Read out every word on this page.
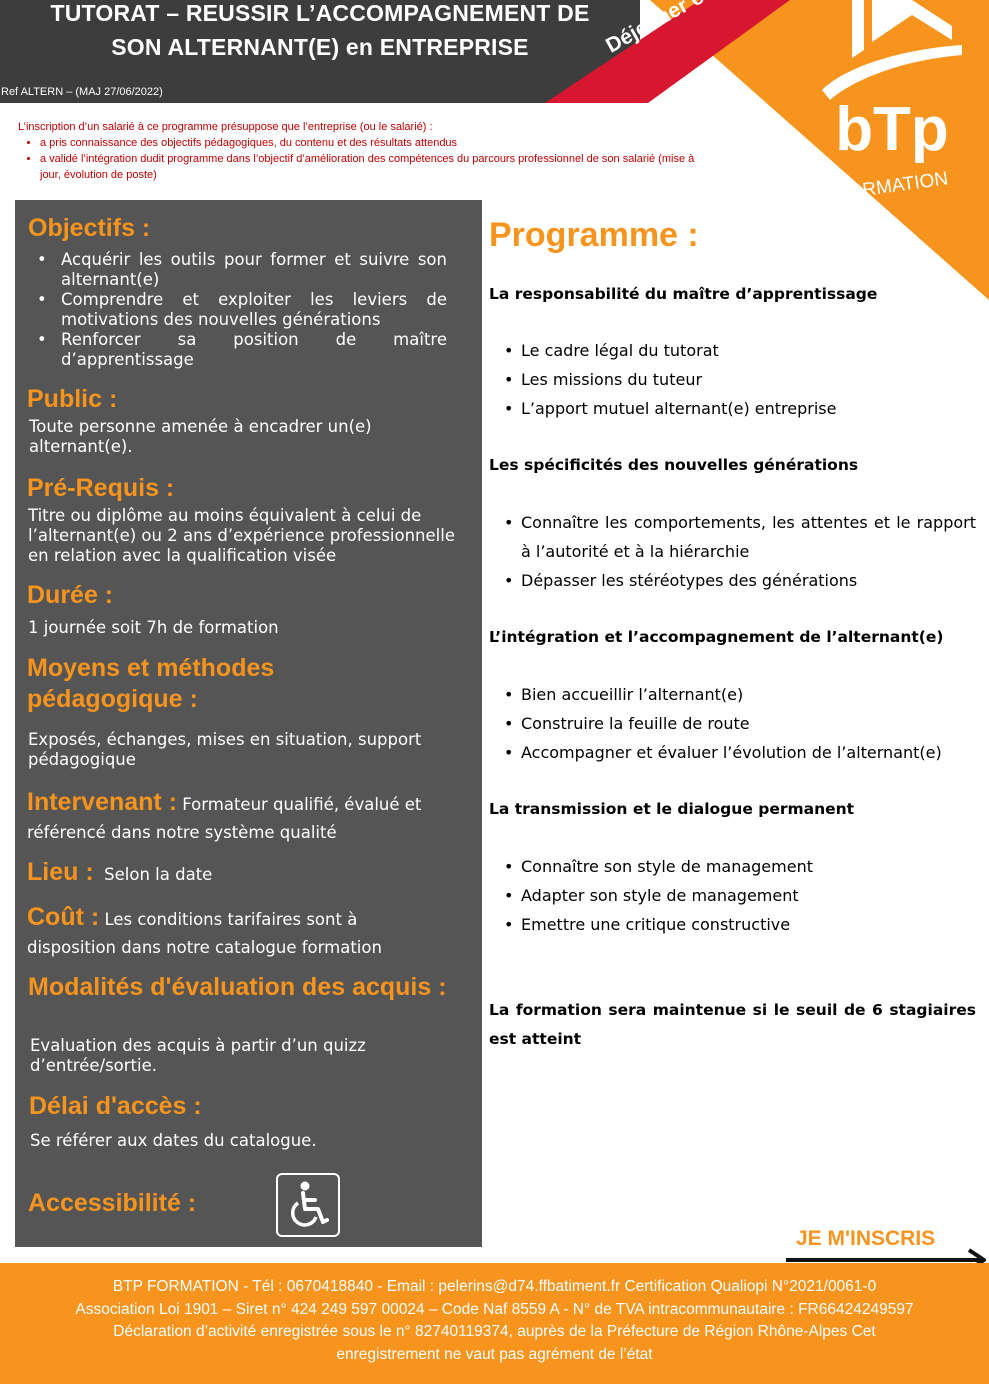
TUTORAT – REUSSIR L’ACCOMPAGNEMENT DE
SON ALTERNANT(E) en ENTREPRISE
Ref ALTERN – (MAJ 27/06/2022)
bTp
FORMATION
L’inscription d’un salarié à ce programme présuppose que l’entreprise (ou le salarié) :
• a pris connaissance des objectifs pédagogiques, du contenu et des résultats attendus
• a validé l’intégration dudit programme dans l’objectif d’amélioration des compétences du parcours professionnel de son salarié (mise à jour, évolution de poste)
Objectifs :
• Acquérir les outils pour former et suivre son alternant(e)
• Comprendre et exploiter les leviers de motivations des nouvelles générations
• Renforcer sa position de maître d’apprentissage
Public :
Toute personne amenée à encadrer un(e) alternant(e).
Pré-Requis :
Titre ou diplôme au moins équivalent à celui de l’alternant(e) ou 2 ans d’expérience professionnelle en relation avec la qualification visée
Durée :
1 journée soit 7h de formation
Moyens et méthodes pédagogique :
Exposés, échanges, mises en situation, support pédagogique
Intervenant : Formateur qualifié, évalué et référencé dans notre système qualité
Lieu : Selon la date
Coût : Les conditions tarifaires sont à disposition dans notre catalogue formation
Modalités d'évaluation des acquis :
Evaluation des acquis à partir d’un quizz d’entrée/sortie.
Délai d'accès :
Se référer aux dates du catalogue.
Accessibilité :
Programme :
La responsabilité du maître d’apprentissage
• Le cadre légal du tutorat
• Les missions du tuteur
• L’apport mutuel alternant(e) entreprise
Les spécificités des nouvelles générations
• Connaître les comportements, les attentes et le rapport à l’autorité et à la hiérarchie
• Dépasser les stéréotypes des générations
L’intégration et l’accompagnement de l’alternant(e)
• Bien accueillir l’alternant(e)
• Construire la feuille de route
• Accompagner et évaluer l’évolution de l’alternant(e)
La transmission et le dialogue permanent
• Connaître son style de management
• Adapter son style de management
• Emettre une critique constructive
La formation sera maintenue si le seuil de 6 stagiaires est atteint
JE M'INSCRIS
BTP FORMATION - Tél : 0670418840 - Email : pelerins@d74.ffbatiment.fr Certification Qualiopi N°2021/0061-0
Association Loi 1901 – Siret n° 424 249 597 00024 – Code Naf 8559 A - N° de TVA intracommunautaire : FR66424249597
Déclaration d’activité enregistrée sous le n° 82740119374, auprès de la Préfecture de Région Rhône-Alpes Cet
enregistrement ne vaut pas agrément de l’état
